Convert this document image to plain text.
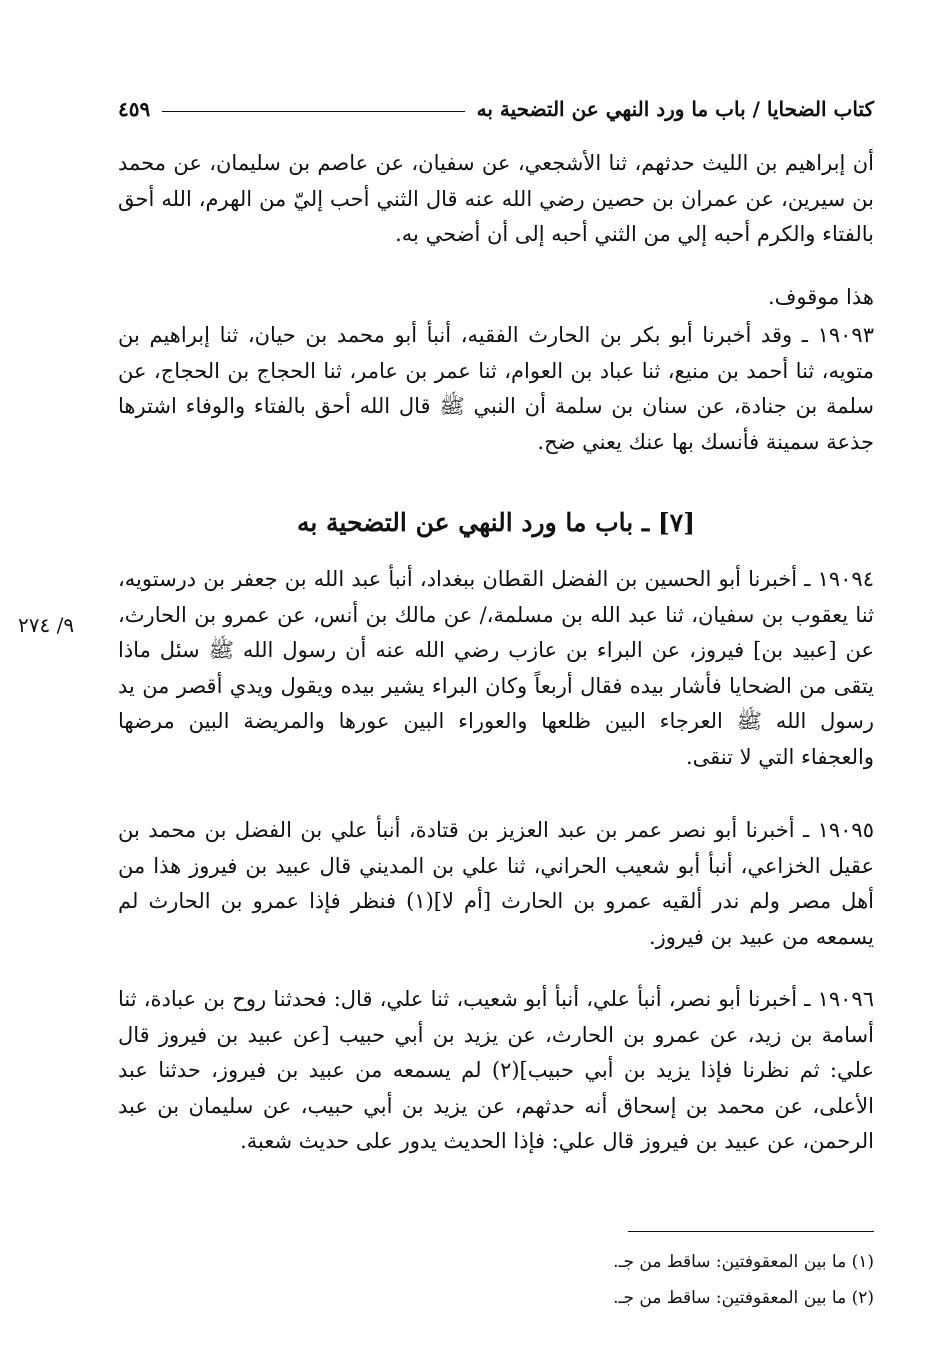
كتاب الضحايا / باب ما ورد النهي عن التضحية به
٤٥٩
أن إبراهيم بن الليث حدثهم، ثنا الأشجعي، عن سفيان، عن عاصم بن سليمان، عن محمد بن سيرين، عن عمران بن حصين رضي الله عنه قال الثني أحب إليّ من الهرم، الله أحق بالفتاء والكرم أحبه إلي من الثني أحبه إلى أن أضحي به.
هذا موقوف.
١٩٠٩٣ ـ وقد أخبرنا أبو بكر بن الحارث الفقيه، أنبأ أبو محمد بن حيان، ثنا إبراهيم بن متويه، ثنا أحمد بن منيع، ثنا عباد بن العوام، ثنا عمر بن عامر، ثنا الحجاج بن الحجاج، عن سلمة بن جنادة، عن سنان بن سلمة أن النبي ﷺ قال الله أحق بالفتاء والوفاء اشترها جذعة سمينة فأنسك بها عنك يعني ضح.
[٧] ـ باب ما ورد النهي عن التضحية به
١٩٠٩٤ ـ أخبرنا أبو الحسين بن الفضل القطان ببغداد، أنبأ عبد الله بن جعفر بن درستويه، ثنا يعقوب بن سفيان، ثنا عبد الله بن مسلمة،/ عن مالك بن أنس، عن عمرو بن الحارث، عن [عبيد بن] فيروز، عن البراء بن عازب رضي الله عنه أن رسول الله ﷺ سئل ماذا يتقى من الضحايا فأشار بيده فقال أربعاً وكان البراء يشير بيده ويقول ويدي أقصر من يد رسول الله ﷺ العرجاء البين ظلعها والعوراء البين عورها والمريضة البين مرضها والعجفاء التي لا تنقى.
٩/ ٢٧٤
١٩٠٩٥ ـ أخبرنا أبو نصر عمر بن عبد العزيز بن قتادة، أنبأ علي بن الفضل بن محمد بن عقيل الخزاعي، أنبأ أبو شعيب الحراني، ثنا علي بن المديني قال عبيد بن فيروز هذا من أهل مصر ولم ندر ألقيه عمرو بن الحارث [أم لا](١) فنظر فإذا عمرو بن الحارث لم يسمعه من عبيد بن فيروز.
١٩٠٩٦ ـ أخبرنا أبو نصر، أنبأ علي، أنبأ أبو شعيب، ثنا علي، قال: فحدثنا روح بن عبادة، ثنا أسامة بن زيد، عن عمرو بن الحارث، عن يزيد بن أبي حبيب [عن عبيد بن فيروز قال علي: ثم نظرنا فإذا يزيد بن أبي حبيب](٢) لم يسمعه من عبيد بن فيروز، حدثنا عبد الأعلى، عن محمد بن إسحاق أنه حدثهم، عن يزيد بن أبي حبيب، عن سليمان بن عبد الرحمن، عن عبيد بن فيروز قال علي: فإذا الحديث يدور على حديث شعبة.
(١) ما بين المعقوفتين: ساقط من جـ.
(٢) ما بين المعقوفتين: ساقط من جـ.
